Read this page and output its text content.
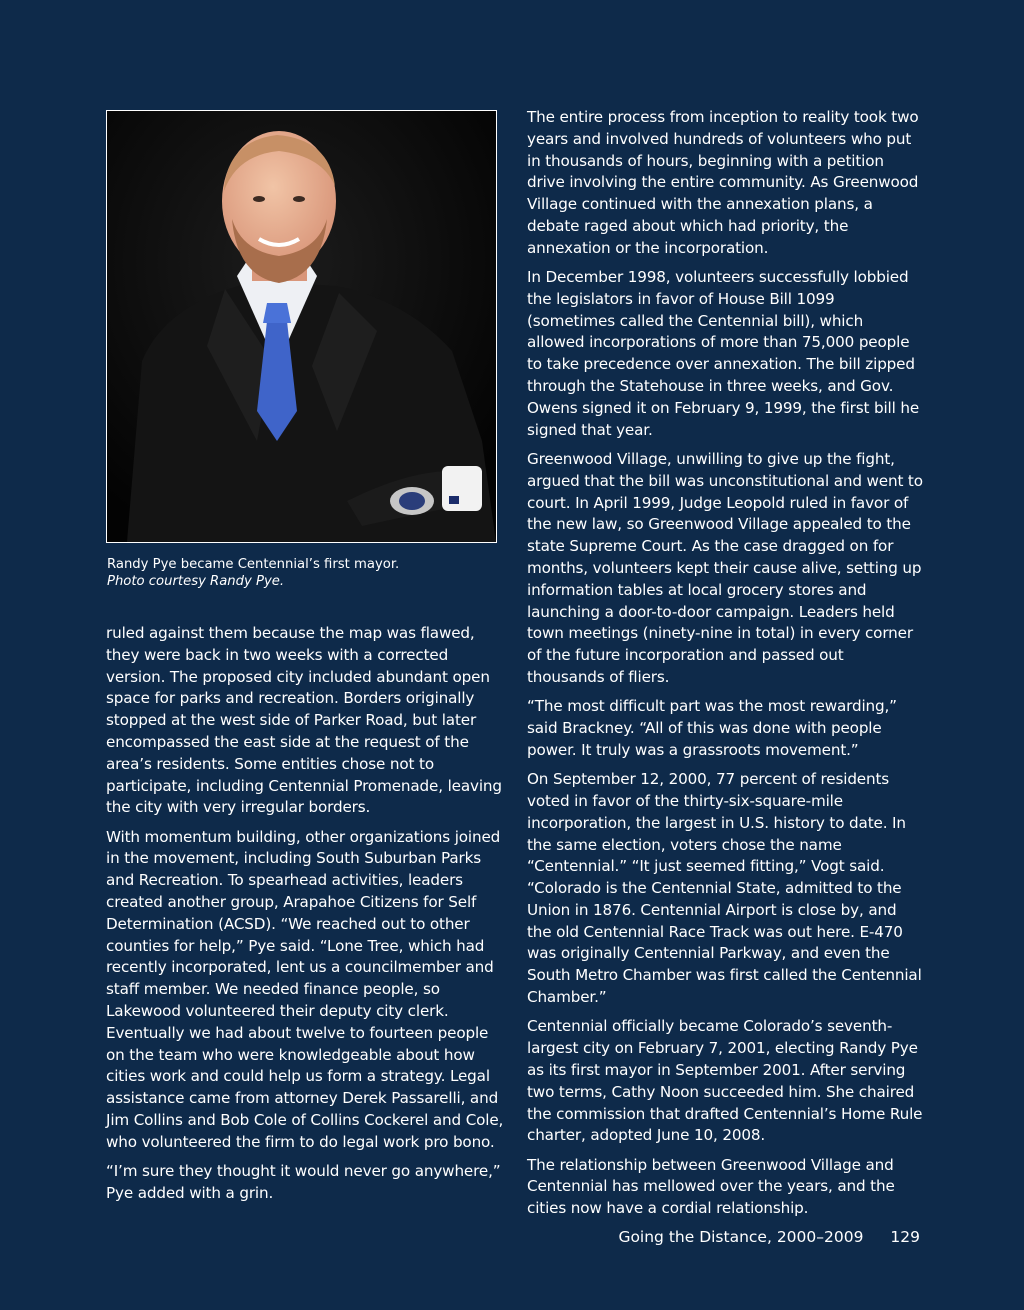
Randy Pye became Centennial’s first mayor.
Photo courtesy Randy Pye.

ruled against them because the map was flawed, they were back in two weeks with a corrected version. The proposed city included abundant open space for parks and recreation. Borders originally stopped at the west side of Parker Road, but later encompassed the east side at the request of the area’s residents. Some entities chose not to participate, including Centennial Promenade, leaving the city with very irregular borders.

With momentum building, other organizations joined in the movement, including South Suburban Parks and Recreation. To spearhead activities, leaders created another group, Arapahoe Citizens for Self Determination (ACSD). “We reached out to other counties for help,” Pye said. “Lone Tree, which had recently incorporated, lent us a councilmember and staff member. We needed finance people, so Lakewood volunteered their deputy city clerk. Eventually we had about twelve to fourteen people on the team who were knowledgeable about how cities work and could help us form a strategy. Legal assistance came from attorney Derek Passarelli, and Jim Collins and Bob Cole of Collins Cockerel and Cole, who volunteered the firm to do legal work pro bono.

“I’m sure they thought it would never go anywhere,” Pye added with a grin.

The entire process from inception to reality took two years and involved hundreds of volunteers who put in thousands of hours, beginning with a petition drive involving the entire community. As Greenwood Village continued with the annexation plans, a debate raged about which had priority, the annexation or the incorporation.

In December 1998, volunteers successfully lobbied the legislators in favor of House Bill 1099 (sometimes called the Centennial bill), which allowed incorporations of more than 75,000 people to take precedence over annexation. The bill zipped through the Statehouse in three weeks, and Gov. Owens signed it on February 9, 1999, the first bill he signed that year.

Greenwood Village, unwilling to give up the fight, argued that the bill was unconstitutional and went to court. In April 1999, Judge Leopold ruled in favor of the new law, so Greenwood Village appealed to the state Supreme Court. As the case dragged on for months, volunteers kept their cause alive, setting up information tables at local grocery stores and launching a door-to-door campaign. Leaders held town meetings (ninety-nine in total) in every corner of the future incorporation and passed out thousands of fliers.

“The most difficult part was the most rewarding,” said Brackney. “All of this was done with people power. It truly was a grassroots movement.”

On September 12, 2000, 77 percent of residents voted in favor of the thirty-six-square-mile incorporation, the largest in U.S. history to date. In the same election, voters chose the name “Centennial.” “It just seemed fitting,” Vogt said. “Colorado is the Centennial State, admitted to the Union in 1876. Centennial Airport is close by, and the old Centennial Race Track was out here. E-470 was originally Centennial Parkway, and even the South Metro Chamber was first called the Centennial Chamber.”

Centennial officially became Colorado’s seventh-largest city on February 7, 2001, electing Randy Pye as its first mayor in September 2001. After serving two terms, Cathy Noon succeeded him. She chaired the commission that drafted Centennial’s Home Rule charter, adopted June 10, 2008.

The relationship between Greenwood Village and Centennial has mellowed over the years, and the cities now have a cordial relationship.

Going the Distance, 2000–2009 129
